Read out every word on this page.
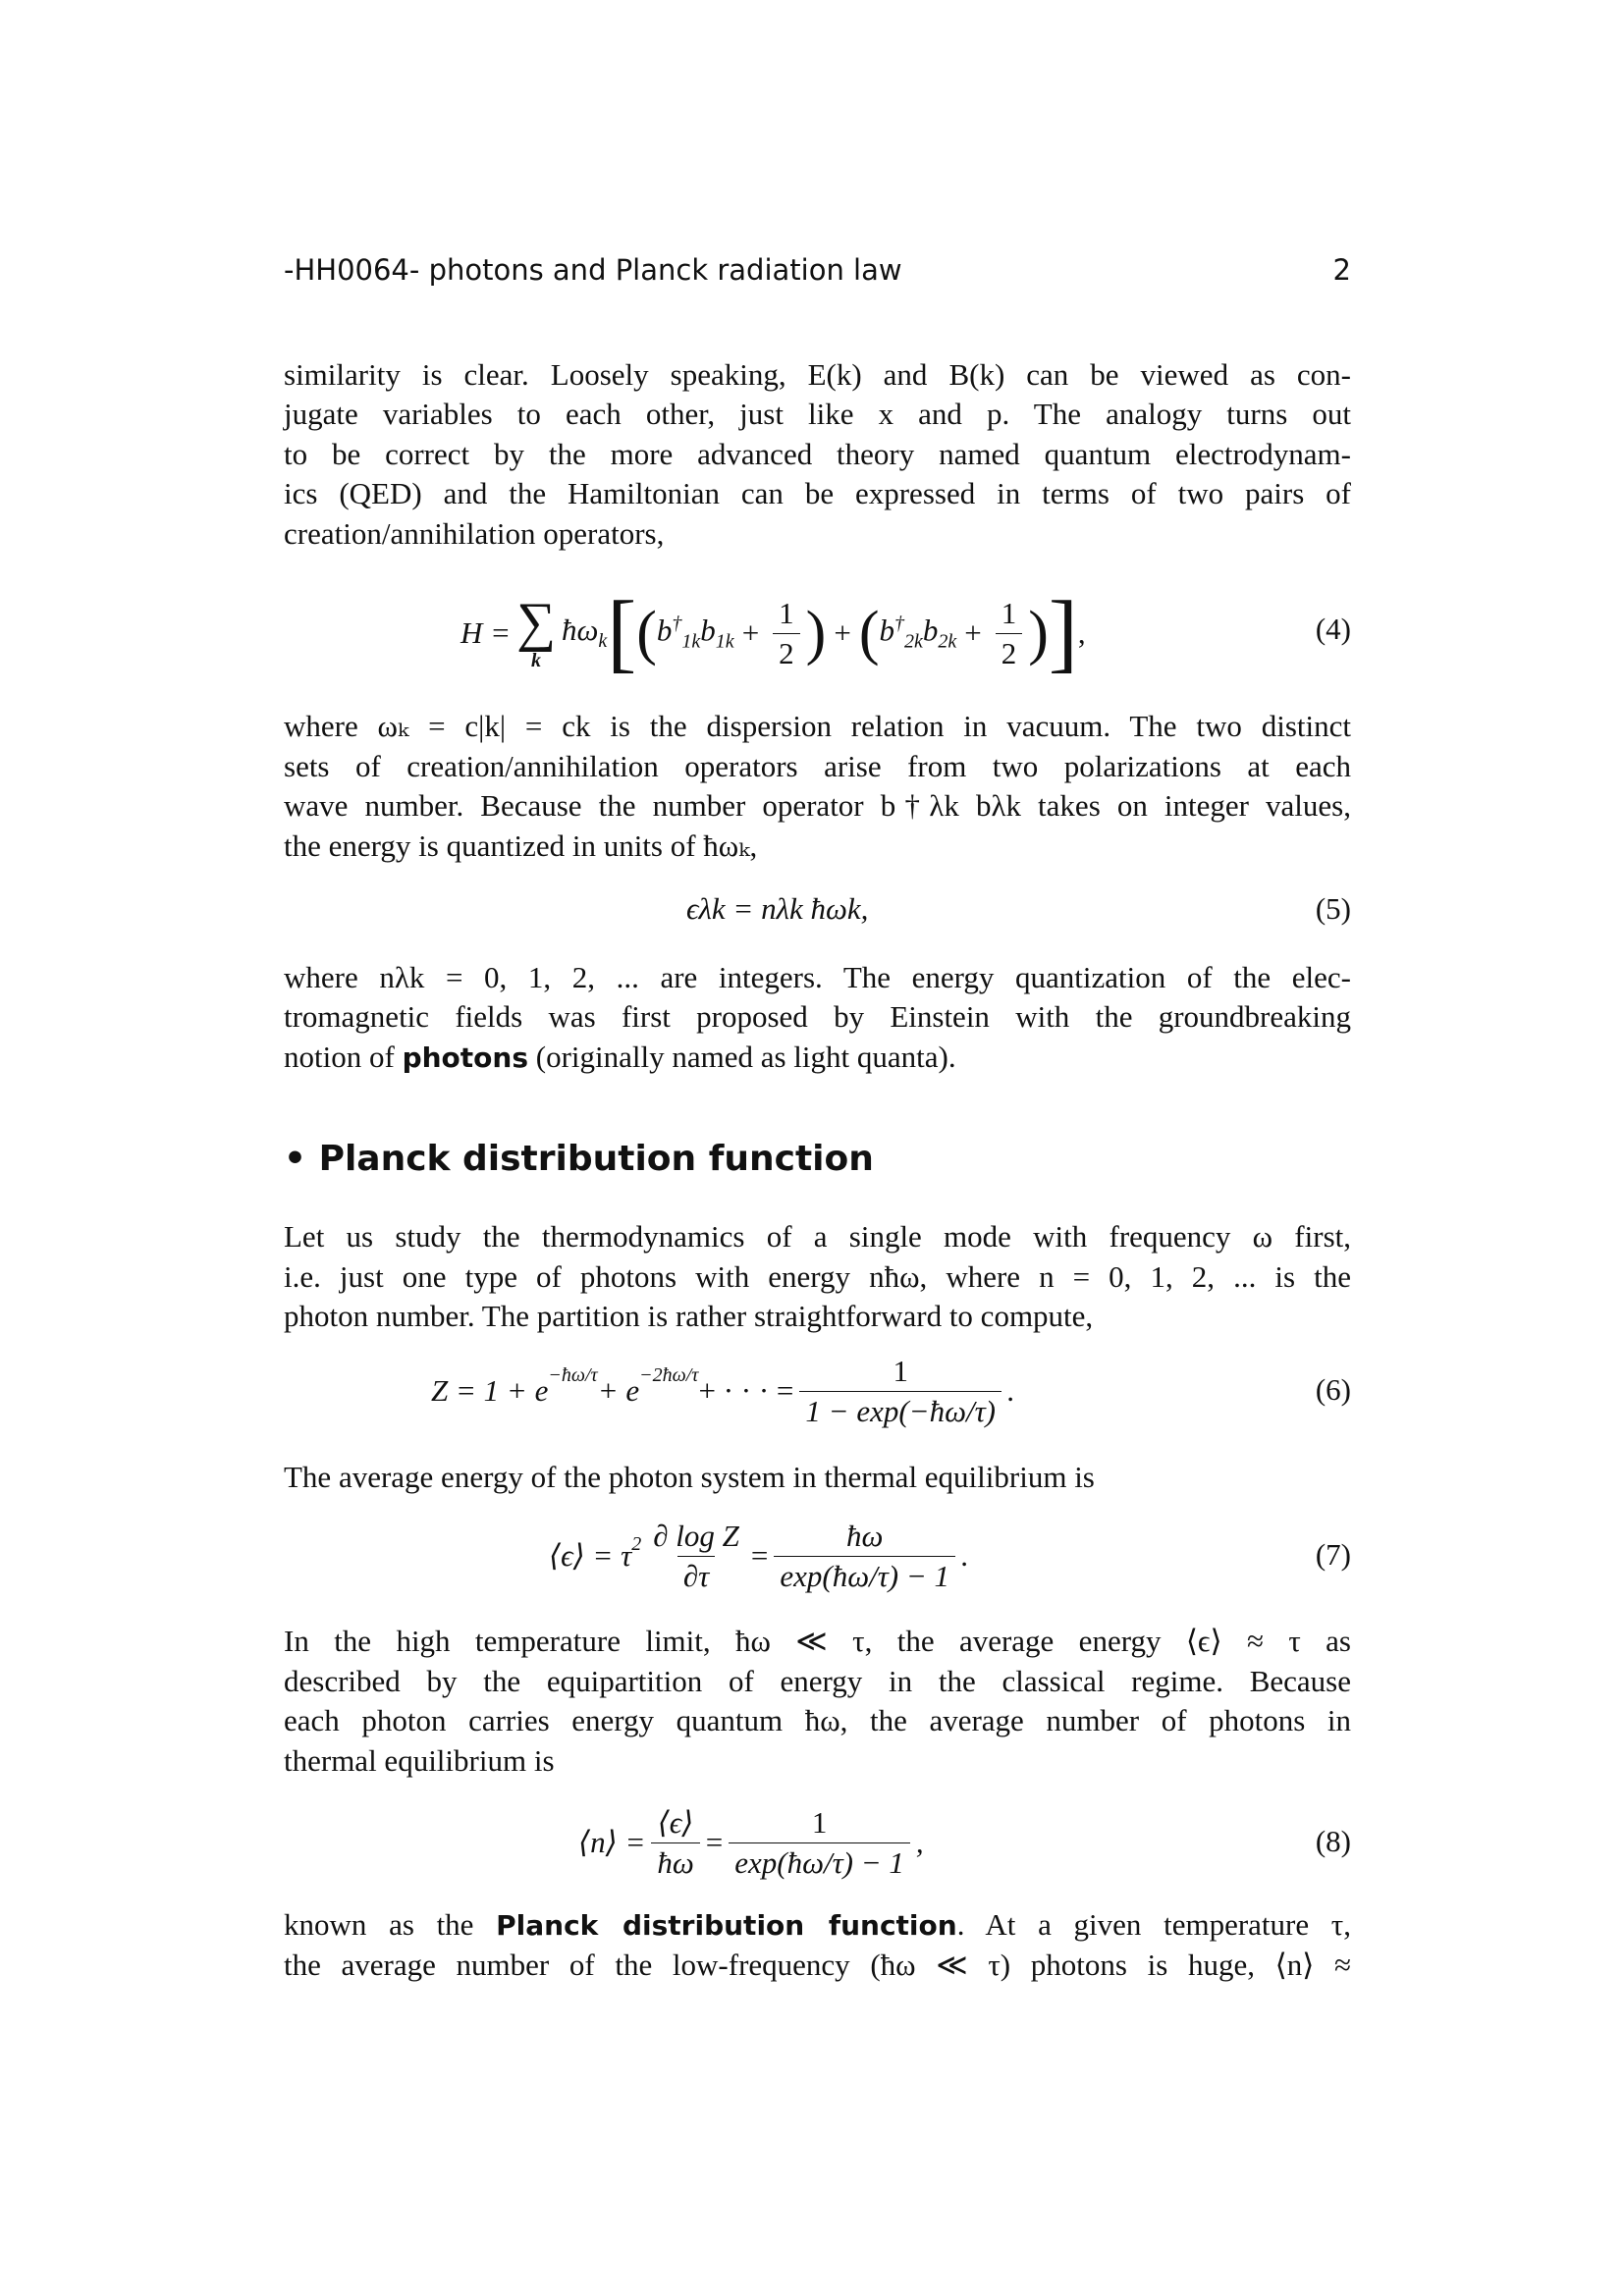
-HH0064- photons and Planck radiation law	2
similarity is clear. Loosely speaking, E(k) and B(k) can be viewed as con-
jugate variables to each other, just like x and p. The analogy turns out
to be correct by the more advanced theory named quantum electrodynam-
ics (QED) and the Hamiltonian can be expressed in terms of two pairs of
creation/annihilation operators,
H = ∑
k
$ħ\omega_k$ [ ( $b^\dagger_{1k}b_{1k} + \frac{1}{2}$ ) + ( $b^\dagger_{2k}b_{2k} + \frac{1}{2}$ ) ] ,	(4)
where ωₖ = c|k| = ck is the dispersion relation in vacuum. The two distinct
sets of creation/annihilation operators arise from two polarizations at each
wave number. Because the number operator b†λk bλk takes on integer values,
the energy is quantized in units of ħωₖ,
ϵλk = nλk ħωk,	(5)
where nλk = 0, 1, 2, ... are integers. The energy quantization of the elec-
tromagnetic fields was first proposed by Einstein with the groundbreaking
notion of photons (originally named as light quanta).
• Planck distribution function
Let us study the thermodynamics of a single mode with frequency ω first,
i.e. just one type of photons with energy nħω, where n = 0, 1, 2, ... is the
photon number. The partition is rather straightforward to compute,
$Z = 1 + e^{-ħ\omega/\tau} + e^{-2ħ\omega/\tau}$ + · · · = $\frac{1}{1 - \exp(-ħ\omega/\tau)}$ .	(6)
The average energy of the photon system in thermal equilibrium is
⟨ϵ⟩ = $\tau^2 \frac{\text{∂ log Z}}{\partial\tau} = \frac{ħ\omega}{\exp(ħ\omega/\tau) - 1}$ .	(7)
In the high temperature limit, ħω ≪ τ, the average energy ⟨ϵ⟩ ≈ τ as
described by the equipartition of energy in the classical regime. Because
each photon carries energy quantum ħω, the average number of photons in
thermal equilibrium is
⟨n⟩ = $\frac{⟨\epsilon⟩}{ħ\omega} = \frac{1}{\exp(ħ\omega/\tau) - 1}$ ,	(8)
known as the Planck distribution function. At a given temperature τ,
the average number of the low-frequency (ħω ≪ τ) photons is huge, ⟨n⟩ ≈
